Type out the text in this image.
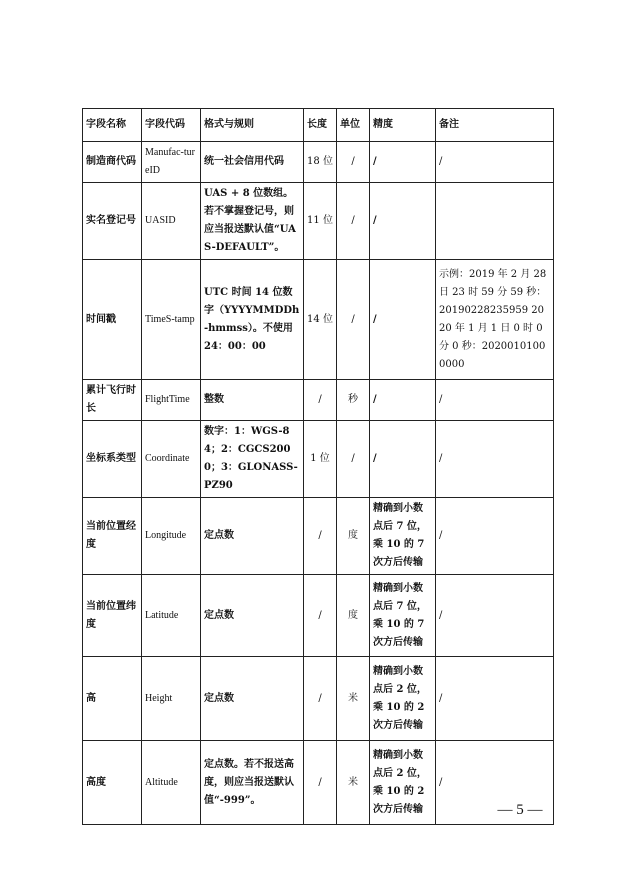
字段名称	字段代码	格式与规则	长度	单位	精度	备注
制造商代码	Manufac-tureID	统一社会信用代码	18 位	/	/	/
实名登记号	UASID	UAS + 8 位数组。若不掌握登记号，则应当报送默认值“UAS-DEFAULT”。	11 位	/	/	
时间戳	TimeS-tamp	UTC 时间 14 位数字（YYYYMMDDh-hmmss）。不使用 24：00：00	14 位	/	/	示例：2019 年 2 月 28 日 23 时 59 分 59 秒：20190228235959 2020 年 1 月 1 日 0 时 0 分 0 秒：20200101000000
累计飞行时长	FlightTime	整数	/	秒	/	/
坐标系类型	Coordinate	数字：1：WGS-84；2：CGCS2000；3：GLONASS-PZ90	1 位	/	/	/
当前位置经度	Longitude	定点数	/	度	精确到小数点后 7 位，乘 10 的 7 次方后传输	/
当前位置纬度	Latitude	定点数	/	度	精确到小数点后 7 位，乘 10 的 7 次方后传输	/
高	Height	定点数	/	米	精确到小数点后 2 位，乘 10 的 2 次方后传输	/
高度	Altitude	定点数。若不报送高度，则应当报送默认值“-999”。	/	米	精确到小数点后 2 位，乘 10 的 2 次方后传输	/
— 5 —
